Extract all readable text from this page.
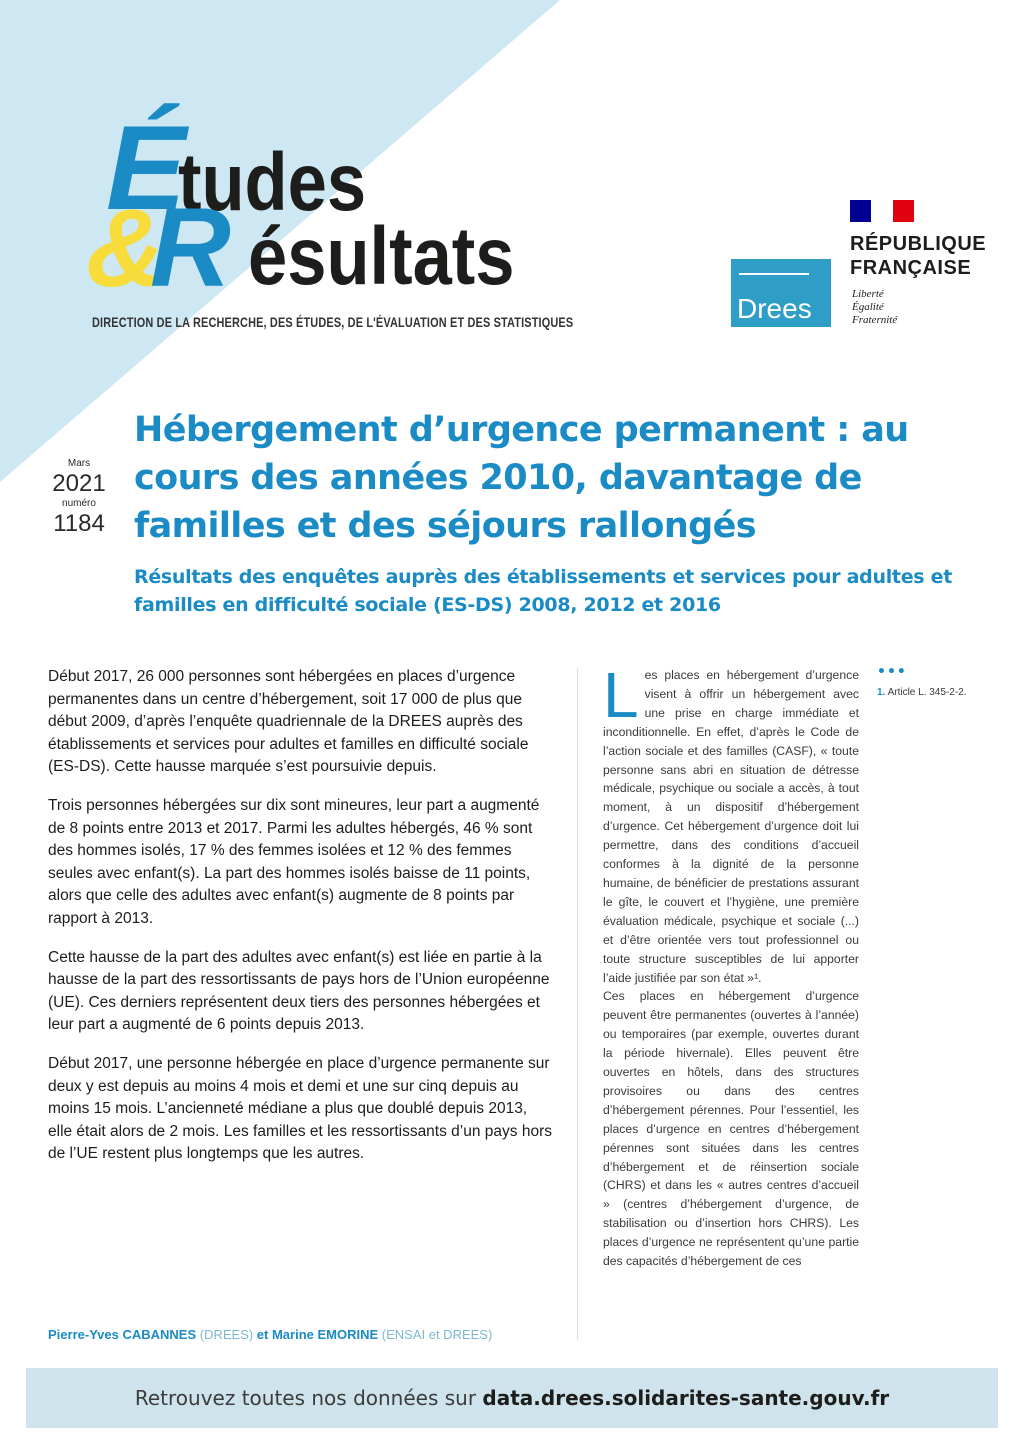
É
tudes
&
R ésultats
DIRECTION DE LA RECHERCHE, DES ÉTUDES, DE L'ÉVALUATION ET DES STATISTIQUES	Drees
RÉPUBLIQUE
FRANÇAISE
Liberté
Égalité
Fraternité
Mars
2021
numéro
1184
Hébergement d’urgence permanent : au cours des années 2010, davantage de familles et des séjours rallongés
Résultats des enquêtes auprès des établissements et services pour adultes et familles en difficulté sociale (ES-DS) 2008, 2012 et 2016

Début 2017, 26 000 personnes sont hébergées en places d’urgence permanentes dans un centre d’hébergement, soit 17 000 de plus que début 2009, d’après l’enquête quadriennale de la DREES auprès des établissements et services pour adultes et familles en difficulté sociale (ES-DS). Cette hausse marquée s’est poursuivie depuis.

Trois personnes hébergées sur dix sont mineures, leur part a augmenté de 8 points entre 2013 et 2017. Parmi les adultes hébergés, 46 % sont des hommes isolés, 17 % des femmes isolées et 12 % des femmes seules avec enfant(s). La part des hommes isolés baisse de 11 points, alors que celle des adultes avec enfant(s) augmente de 8 points par rapport à 2013.

Cette hausse de la part des adultes avec enfant(s) est liée en partie à la hausse de la part des ressortissants de pays hors de l’Union européenne (UE). Ces derniers représentent deux tiers des personnes hébergées et leur part a augmenté de 6 points depuis 2013.

Début 2017, une personne hébergée en place d’urgence permanente sur deux y est depuis au moins 4 mois et demi et une sur cinq depuis au moins 15 mois. L’ancienneté médiane a plus que doublé depuis 2013, elle était alors de 2 mois. Les familles et les ressortissants d’un pays hors de l’UE restent plus longtemps que les autres.

Pierre-Yves CABANNES (DREES) et Marine EMORINE (ENSAI et DREES)
L es places en hébergement d’urgence visent à offrir un hébergement avec une prise en charge immédiate et inconditionnelle. En effet, d’après le Code de l’action sociale et des familles (CASF), « toute personne sans abri en situation de détresse médicale, psychique ou sociale a accès, à tout moment, à un dispositif d’hébergement d’urgence. Cet hébergement d’urgence doit lui permettre, dans des conditions d’accueil conformes à la dignité de la personne humaine, de bénéficier de prestations assurant le gîte, le couvert et l’hygiène, une première évaluation médicale, psychique et sociale (...) et d’être orientée vers tout professionnel ou toute structure susceptibles de lui apporter l’aide justifiée par son état »¹.

Ces places en hébergement d’urgence peuvent être permanentes (ouvertes à l’année) ou temporaires (par exemple, ouvertes durant la période hivernale). Elles peuvent être ouvertes en hôtels, dans des structures provisoires ou dans des centres d’hébergement pérennes. Pour l’essentiel, les places d’urgence en centres d’hébergement pérennes sont situées dans les centres d’hébergement et de réinsertion sociale (CHRS) et dans les « autres centres d’accueil » (centres d’hébergement d’urgence, de stabilisation ou d’insertion hors CHRS). Les places d’urgence ne représentent qu’une partie des capacités d’hébergement de ces

•••
1. Article L. 345-2-2.
Retrouvez toutes nos données sur data.drees.solidarites-sante.gouv.fr
